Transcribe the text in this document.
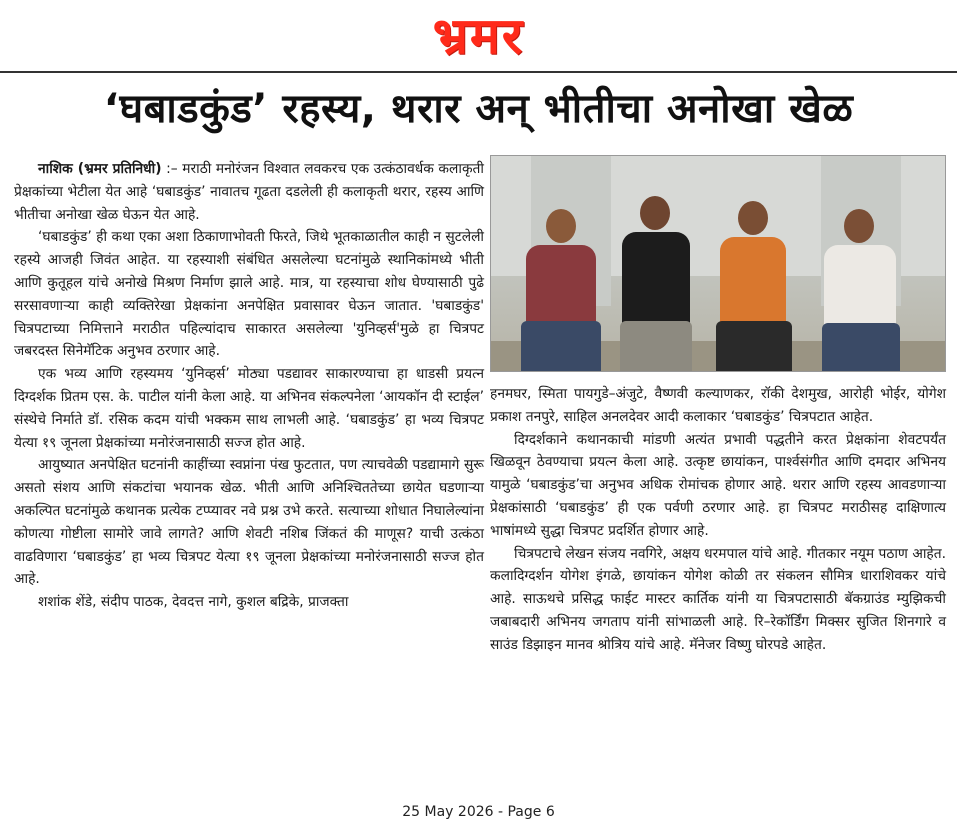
भ्रमर
‘घबाडकुंड’ रहस्य, थरार अन् भीतीचा अनोखा खेळ

नाशिक (भ्रमर प्रतिनिधी) :– मराठी मनोरंजन विश्वात लवकरच एक उत्कंठावर्धक कलाकृती प्रेक्षकांच्या भेटीला येत आहे ‘घबाडकुंड’ नावातच गूढता दडलेली ही कलाकृती थरार, रहस्य आणि भीतीचा अनोखा खेळ घेऊन येत आहे.

‘घबाडकुंड’ ही कथा एका अशा ठिकाणाभोवती फिरते, जिथे भूतकाळातील काही न सुटलेली रहस्ये आजही जिवंत आहेत. या रहस्याशी संबंधित असलेल्या घटनांमुळे स्थानिकांमध्ये भीती आणि कुतूहल यांचे अनोखे मिश्रण निर्माण झाले आहे. मात्र, या रहस्याचा शोध घेण्यासाठी पुढे सरसावणाऱ्या काही व्यक्तिरेखा प्रेक्षकांना अनपेक्षित प्रवासावर घेऊन जातात. 'घबाडकुंड' चित्रपटाच्या निमित्ताने मराठीत पहिल्यांदाच साकारत असलेल्या 'युनिव्हर्स'मुळे हा चित्रपट जबरदस्त सिनेमॅटिक अनुभव ठरणार आहे.

एक भव्य आणि रहस्यमय ‘युनिव्हर्स’ मोठ्या पडद्यावर साकारण्याचा हा धाडसी प्रयत्न दिग्दर्शक प्रितम एस. के. पाटील यांनी केला आहे. या अभिनव संकल्पनेला ‘आयकॉन दी स्टाईल’ संस्थेचे निर्माते डॉ. रसिक कदम यांची भक्कम साथ लाभली आहे. ‘घबाडकुंड’ हा भव्य चित्रपट येत्या १९ जूनला प्रेक्षकांच्या मनोरंजनासाठी सज्ज होत आहे.

आयुष्यात अनपेक्षित घटनांनी काहींच्या स्वप्नांना पंख फुटतात, पण त्याचवेळी पडद्यामागे सुरू असतो संशय आणि संकटांचा भयानक खेळ. भीती आणि अनिश्चिततेच्या छायेत घडणाऱ्या अकल्पित घटनांमुळे कथानक प्रत्येक टप्प्यावर नवे प्रश्न उभे करते. सत्याच्या शोधात निघालेल्यांना कोणत्या गोष्टीला सामोरे जावे लागते? आणि शेवटी नशिब जिंकतं की माणूस? याची उत्कंठा वाढविणारा ‘घबाडकुंड’ हा भव्य चित्रपट येत्या १९ जूनला प्रेक्षकांच्या मनोरंजनासाठी सज्ज होत आहे.

शशांक शेंडे, संदीप पाठक, देवदत्त नागे, कुशल बद्रिके, प्राजक्ता

हनमघर, स्मिता पायगुडे–अंजुटे, वैष्णवी कल्याणकर, रॉकी देशमुख, आरोही भोईर, योगेश प्रकाश तनपुरे, साहिल अनलदेवर आदी कलाकार ‘घबाडकुंड’ चित्रपटात आहेत.

दिग्दर्शकाने कथानकाची मांडणी अत्यंत प्रभावी पद्धतीने करत प्रेक्षकांना शेवटपर्यंत खिळवून ठेवण्याचा प्रयत्न केला आहे. उत्कृष्ट छायांकन, पार्श्वसंगीत आणि दमदार अभिनय यामुळे ‘घबाडकुंड’चा अनुभव अधिक रोमांचक होणार आहे. थरार आणि रहस्य आवडणाऱ्या प्रेक्षकांसाठी ‘घबाडकुंड’ ही एक पर्वणी ठरणार आहे. हा चित्रपट मराठीसह दाक्षिणात्य भाषांमध्ये सुद्धा चित्रपट प्रदर्शित होणार आहे.

चित्रपटाचे लेखन संजय नवगिरे, अक्षय धरमपाल यांचे आहे. गीतकार नयूम पठाण आहेत. कलादिग्दर्शन योगेश इंगळे, छायांकन योगेश कोळी तर संकलन सौमित्र धाराशिवकर यांचे आहे. साऊथचे प्रसिद्ध फाईट मास्टर कार्तिक यांनी या चित्रपटासाठी बॅकग्राउंड म्युझिकची जबाबदारी अभिनय जगताप यांनी सांभाळली आहे. रि–रेकॉर्डिंग मिक्सर सुजित शिनगारे व साउंड डिझाइन मानव श्रोत्रिय यांचे आहे. मॅनेजर विष्णु घोरपडे आहेत.

25 May 2026 - Page 6
